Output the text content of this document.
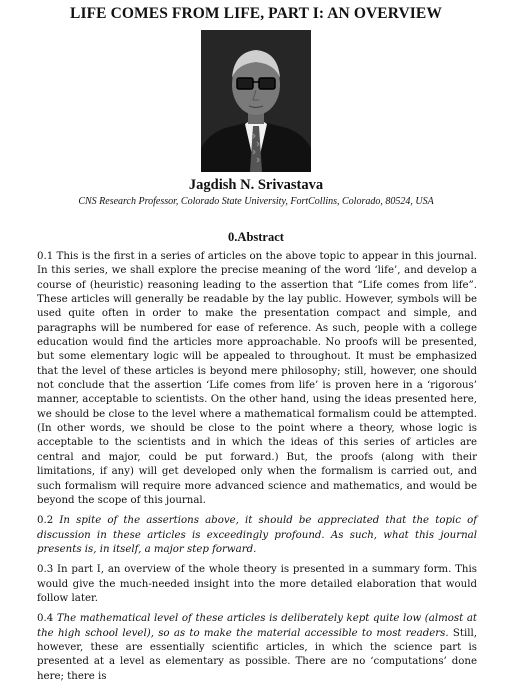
LIFE COMES FROM LIFE, PART I: AN OVERVIEW
Jagdish N. Srivastava
CNS Research Professor, Colorado State University, FortCollins, Colorado, 80524, USA
0.Abstract

0.1 This is the first in a series of articles on the above topic to appear in this journal. In this series, we shall explore the precise meaning of the word ‘life’, and develop a course of (heuristic) reasoning leading to the assertion that “Life comes from life”. These articles will generally be readable by the lay public. However, symbols will be used quite often in order to make the presentation compact and simple, and paragraphs will be numbered for ease of reference. As such, people with a college education would find the articles more approachable. No proofs will be presented, but some elementary logic will be appealed to throughout. It must be emphasized that the level of these articles is beyond mere philosophy; still, however, one should not conclude that the assertion ‘Life comes from life’ is proven here in a ‘rigorous’ manner, acceptable to scientists. On the other hand, using the ideas presented here, we should be close to the level where a mathematical formalism could be attempted. (In other words, we should be close to the point where a theory, whose logic is acceptable to the scientists and in which the ideas of this series of articles are central and major, could be put forward.) But, the proofs (along with their limitations, if any) will get developed only when the formalism is carried out, and such formalism will require more advanced science and mathematics, and would be beyond the scope of this journal.

0.2 In spite of the assertions above, it should be appreciated that the topic of discussion in these articles is exceedingly profound. As such, what this journal presents is, in itself, a major step forward.

0.3 In part I, an overview of the whole theory is presented in a summary form. This would give the much-needed insight into the more detailed elaboration that would follow later.

0.4 The mathematical level of these articles is deliberately kept quite low (almost at the high school level), so as to make the material accessible to most readers. Still, however, these are essentially scientific articles, in which the science part is presented at a level as elementary as possible. There are no ‘computations’ done here; there is
